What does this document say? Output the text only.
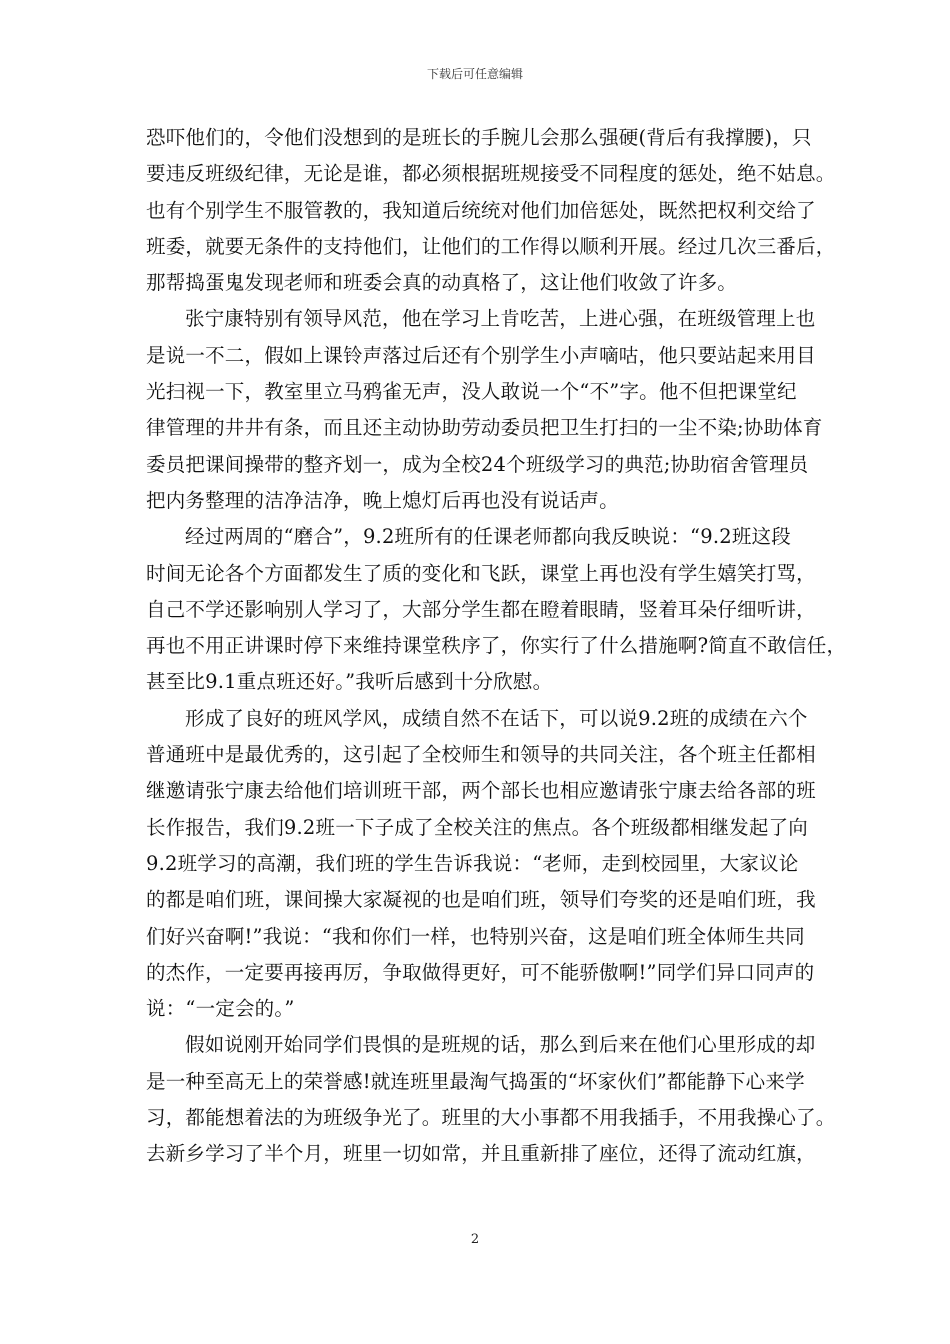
下载后可任意编辑
恐吓他们的，令他们没想到的是班长的手腕儿会那么强硬(背后有我撑腰)，只
要违反班级纪律，无论是谁，都必须根据班规接受不同程度的惩处，绝不姑息。
也有个别学生不服管教的，我知道后统统对他们加倍惩处，既然把权利交给了
班委，就要无条件的支持他们，让他们的工作得以顺利开展。经过几次三番后，
那帮捣蛋鬼发现老师和班委会真的动真格了，这让他们收敛了许多。
张宁康特别有领导风范，他在学习上肯吃苦，上进心强，在班级管理上也
是说一不二，假如上课铃声落过后还有个别学生小声嘀咕，他只要站起来用目
光扫视一下，教室里立马鸦雀无声，没人敢说一个“不”字。他不但把课堂纪
律管理的井井有条，而且还主动协助劳动委员把卫生打扫的一尘不染;协助体育
委员把课间操带的整齐划一，成为全校24个班级学习的典范;协助宿舍管理员
把内务整理的洁净洁净，晚上熄灯后再也没有说话声。
经过两周的“磨合”，9.2班所有的任课老师都向我反映说：“9.2班这段
时间无论各个方面都发生了质的变化和飞跃，课堂上再也没有学生嬉笑打骂，
自己不学还影响别人学习了，大部分学生都在瞪着眼睛，竖着耳朵仔细听讲，
再也不用正讲课时停下来维持课堂秩序了，你实行了什么措施啊?简直不敢信任，
甚至比9.1重点班还好。”我听后感到十分欣慰。
形成了良好的班风学风，成绩自然不在话下，可以说9.2班的成绩在六个
普通班中是最优秀的，这引起了全校师生和领导的共同关注，各个班主任都相
继邀请张宁康去给他们培训班干部，两个部长也相应邀请张宁康去给各部的班
长作报告，我们9.2班一下子成了全校关注的焦点。各个班级都相继发起了向
9.2班学习的高潮，我们班的学生告诉我说：“老师，走到校园里，大家议论
的都是咱们班，课间操大家凝视的也是咱们班，领导们夸奖的还是咱们班，我
们好兴奋啊!”我说：“我和你们一样，也特别兴奋，这是咱们班全体师生共同
的杰作，一定要再接再厉，争取做得更好，可不能骄傲啊!”同学们异口同声的
说：“一定会的。”
假如说刚开始同学们畏惧的是班规的话，那么到后来在他们心里形成的却
是一种至高无上的荣誉感!就连班里最淘气捣蛋的“坏家伙们”都能静下心来学
习，都能想着法的为班级争光了。班里的大小事都不用我插手，不用我操心了。
去新乡学习了半个月，班里一切如常，并且重新排了座位，还得了流动红旗，
2
